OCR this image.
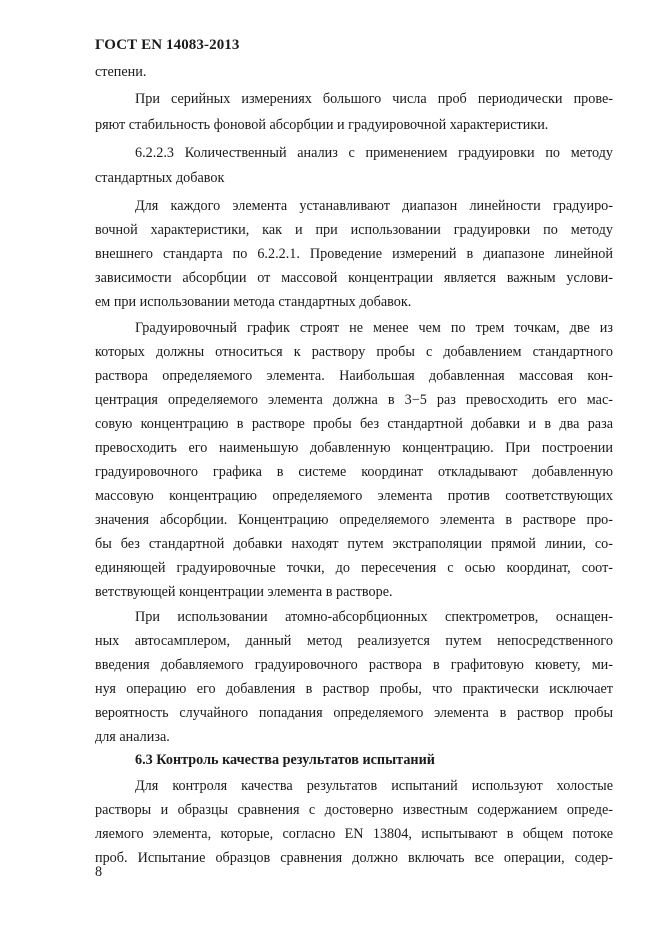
ГОСТ EN 14083-2013
степени.
При серийных измерениях большого числа проб периодически прове-
ряют стабильность фоновой абсорбции и градуировочной характеристики.
6.2.2.3 Количественный анализ с применением градуировки по методу
стандартных добавок
Для каждого элемента устанавливают диапазон линейности градуиро-
вочной характеристики, как и при использовании градуировки по методу
внешнего стандарта по 6.2.2.1. Проведение измерений в диапазоне линейной
зависимости абсорбции от массовой концентрации является важным услови-
ем при использовании метода стандартных добавок.
Градуировочный график строят не менее чем по трем точкам, две из
которых должны относиться к раствору пробы с добавлением стандартного
раствора определяемого элемента. Наибольшая добавленная массовая кон-
центрация определяемого элемента должна в 3−5 раз превосходить его мас-
совую концентрацию в растворе пробы без стандартной добавки и в два раза
превосходить его наименьшую добавленную концентрацию. При построении
градуировочного графика в системе координат откладывают добавленную
массовую концентрацию определяемого элемента против соответствующих
значения абсорбции. Концентрацию определяемого элемента в растворе про-
бы без стандартной добавки находят путем экстраполяции прямой линии, со-
единяющей градуировочные точки, до пересечения с осью координат, соот-
ветствующей концентрации элемента в растворе.
При использовании атомно-абсорбционных спектрометров, оснащен-
ных автосамплером, данный метод реализуется путем непосредственного
введения добавляемого градуировочного раствора в графитовую кювету, ми-
нуя операцию его добавления в раствор пробы, что практически исключает
вероятность случайного попадания определяемого элемента в раствор пробы
для анализа.
6.3 Контроль качества результатов испытаний
Для контроля качества результатов испытаний используют холостые
растворы и образцы сравнения с достоверно известным содержанием опреде-
ляемого элемента, которые, согласно EN 13804, испытывают в общем потоке
проб. Испытание образцов сравнения должно включать все операции, содер-
8
